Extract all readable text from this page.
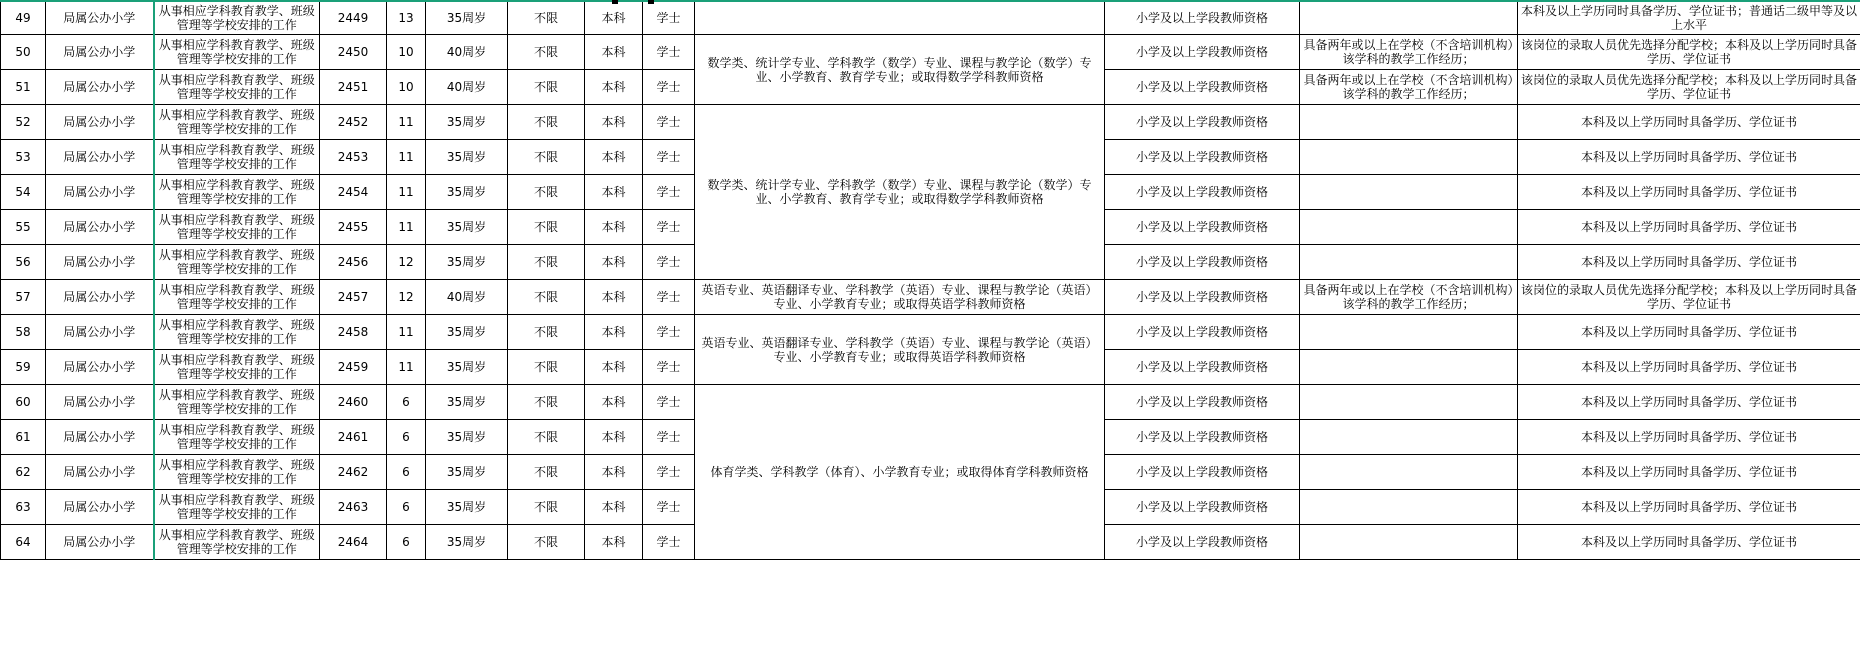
49	局属公办小学	从事相应学科教育教学、班级管理等学校安排的工作	2449	13	35周岁	不限	本科	学士		小学及以上学段教师资格		本科及以上学历同时具备学历、学位证书；普通话二级甲等及以上水平
50	局属公办小学	从事相应学科教育教学、班级管理等学校安排的工作	2450	10	40周岁	不限	本科	学士	数学类、统计学专业、学科教学（数学）专业、课程与教学论（数学）专业、小学教育、教育学专业；或取得数学学科教师资格	小学及以上学段教师资格	具备两年或以上在学校（不含培训机构）该学科的教学工作经历；	该岗位的录取人员优先选择分配学校；本科及以上学历同时具备学历、学位证书
51	局属公办小学	从事相应学科教育教学、班级管理等学校安排的工作	2451	10	40周岁	不限	本科	学士		小学及以上学段教师资格	具备两年或以上在学校（不含培训机构）该学科的教学工作经历；	该岗位的录取人员优先选择分配学校；本科及以上学历同时具备学历、学位证书
52	局属公办小学	从事相应学科教育教学、班级管理等学校安排的工作	2452	11	35周岁	不限	本科	学士	数学类、统计学专业、学科教学（数学）专业、课程与教学论（数学）专业、小学教育、教育学专业；或取得数学学科教师资格	小学及以上学段教师资格		本科及以上学历同时具备学历、学位证书
53	局属公办小学	从事相应学科教育教学、班级管理等学校安排的工作	2453	11	35周岁	不限	本科	学士		小学及以上学段教师资格		本科及以上学历同时具备学历、学位证书
54	局属公办小学	从事相应学科教育教学、班级管理等学校安排的工作	2454	11	35周岁	不限	本科	学士		小学及以上学段教师资格		本科及以上学历同时具备学历、学位证书
55	局属公办小学	从事相应学科教育教学、班级管理等学校安排的工作	2455	11	35周岁	不限	本科	学士		小学及以上学段教师资格		本科及以上学历同时具备学历、学位证书
56	局属公办小学	从事相应学科教育教学、班级管理等学校安排的工作	2456	12	35周岁	不限	本科	学士		小学及以上学段教师资格		本科及以上学历同时具备学历、学位证书
57	局属公办小学	从事相应学科教育教学、班级管理等学校安排的工作	2457	12	40周岁	不限	本科	学士	英语专业、英语翻译专业、学科教学（英语）专业、课程与教学论（英语）专业、小学教育专业；或取得英语学科教师资格	小学及以上学段教师资格	具备两年或以上在学校（不含培训机构）该学科的教学工作经历；	该岗位的录取人员优先选择分配学校；本科及以上学历同时具备学历、学位证书
58	局属公办小学	从事相应学科教育教学、班级管理等学校安排的工作	2458	11	35周岁	不限	本科	学士	英语专业、英语翻译专业、学科教学（英语）专业、课程与教学论（英语）专业、小学教育专业；或取得英语学科教师资格	小学及以上学段教师资格		本科及以上学历同时具备学历、学位证书
59	局属公办小学	从事相应学科教育教学、班级管理等学校安排的工作	2459	11	35周岁	不限	本科	学士		小学及以上学段教师资格		本科及以上学历同时具备学历、学位证书
60	局属公办小学	从事相应学科教育教学、班级管理等学校安排的工作	2460	6	35周岁	不限	本科	学士	体育学类、学科教学（体育）、小学教育专业；或取得体育学科教师资格	小学及以上学段教师资格		本科及以上学历同时具备学历、学位证书
61	局属公办小学	从事相应学科教育教学、班级管理等学校安排的工作	2461	6	35周岁	不限	本科	学士		小学及以上学段教师资格		本科及以上学历同时具备学历、学位证书
62	局属公办小学	从事相应学科教育教学、班级管理等学校安排的工作	2462	6	35周岁	不限	本科	学士		小学及以上学段教师资格		本科及以上学历同时具备学历、学位证书
63	局属公办小学	从事相应学科教育教学、班级管理等学校安排的工作	2463	6	35周岁	不限	本科	学士		小学及以上学段教师资格		本科及以上学历同时具备学历、学位证书
64	局属公办小学	从事相应学科教育教学、班级管理等学校安排的工作	2464	6	35周岁	不限	本科	学士		小学及以上学段教师资格		本科及以上学历同时具备学历、学位证书
